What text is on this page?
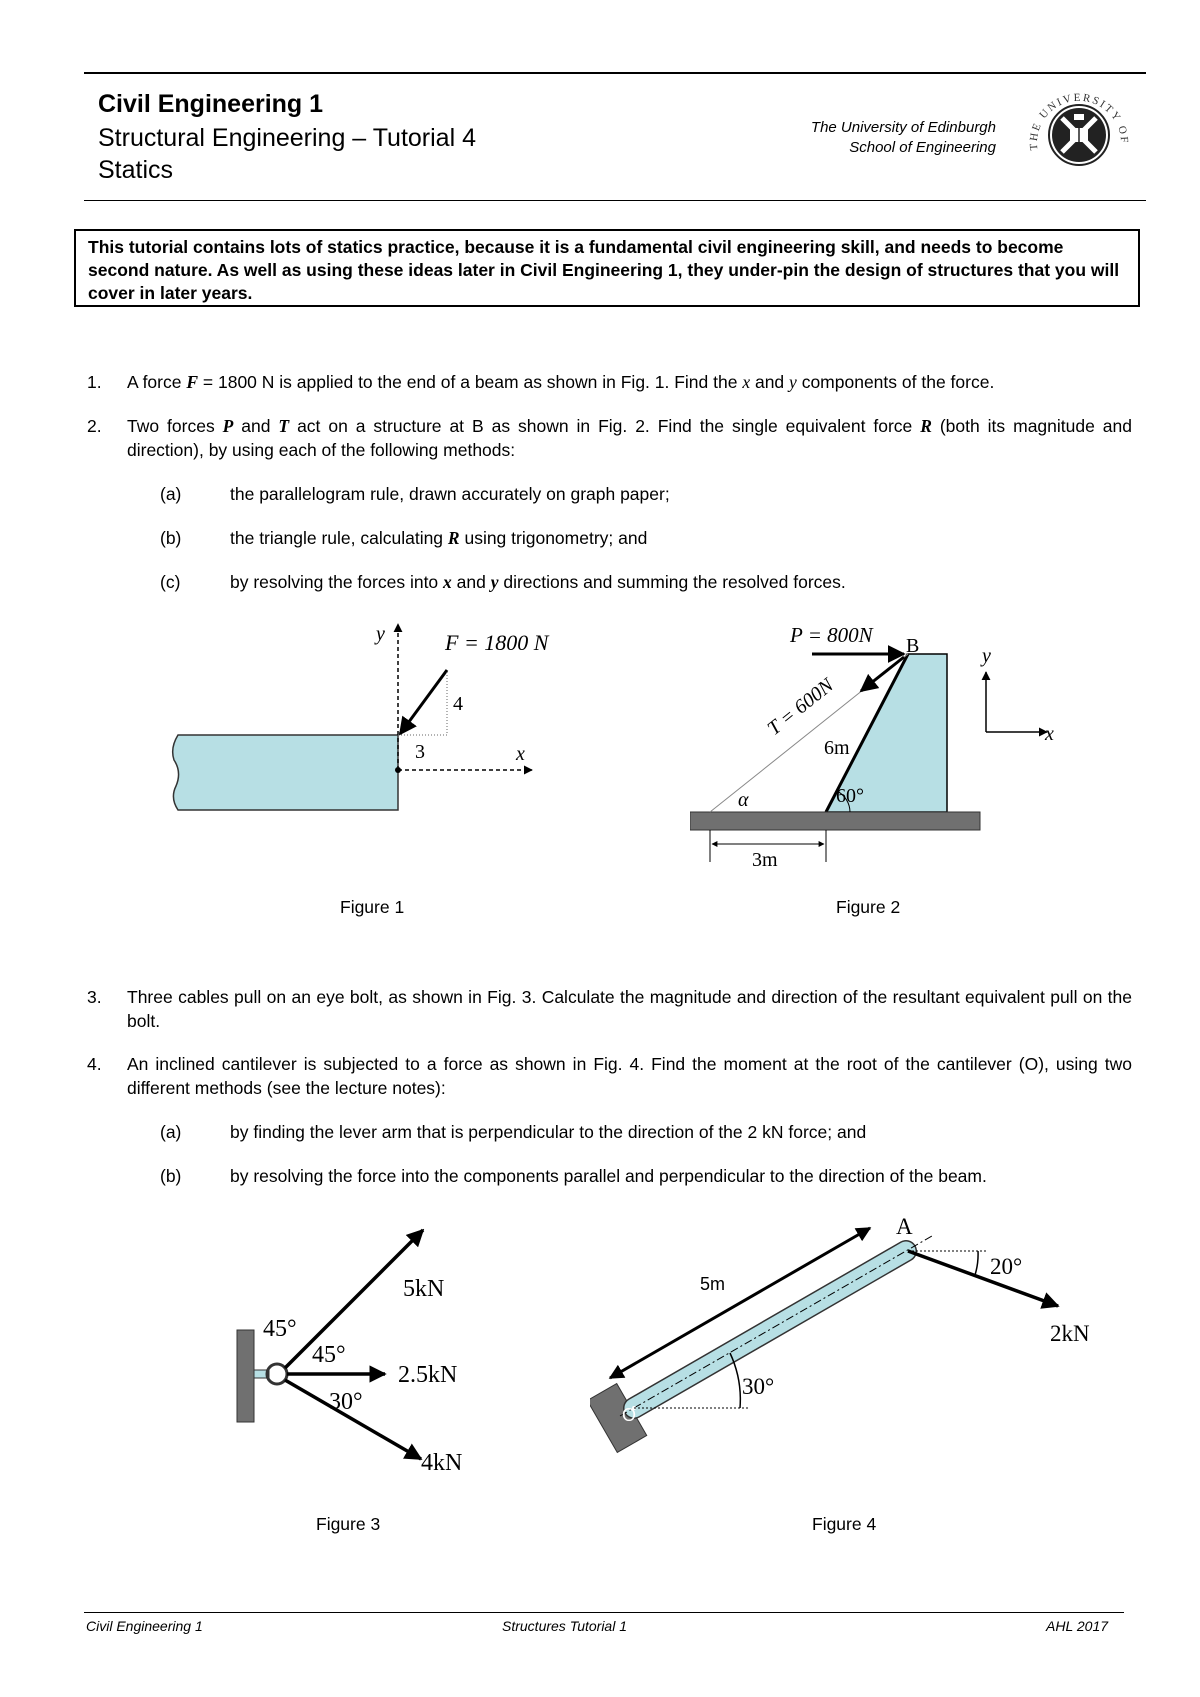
Civil Engineering 1
Structural Engineering – Tutorial 4
Statics
The University of Edinburgh
School of Engineering	THE UNIVERSITY OF
This tutorial contains lots of statics practice, because it is a fundamental civil engineering skill, and needs to become second nature. As well as using these ideas later in Civil Engineering 1, they under-pin the design of structures that you will cover in later years.
1. A force F = 1800 N is applied to the end of a beam as shown in Fig. 1. Find the x and y components of the force.
2. Two forces P and T act on a structure at B as shown in Fig. 2. Find the single equivalent force R (both its magnitude and direction), by using each of the following methods:
(a)	the parallelogram rule, drawn accurately on graph paper;
(b)	the triangle rule, calculating R using trigonometry; and
(c)	by resolving the forces into x and y directions and summing the resolved forces.
F = 1800 N
y
x
4
3
Figure 1
P = 800N B
T = 600N
6m
60°
α
3m
y
x
Figure 2
3. Three cables pull on an eye bolt, as shown in Fig. 3. Calculate the magnitude and direction of the resultant equivalent pull on the bolt.
4. An inclined cantilever is subjected to a force as shown in Fig. 4. Find the moment at the root of the cantilever (O), using two different methods (see the lecture notes):
(a)	by finding the lever arm that is perpendicular to the direction of the 2 kN force; and
(b)	by resolving the force into the components parallel and perpendicular to the direction of the beam.
5kN
2.5kN
4kN
45°
45°
30°
Figure 3
5m
20°
30°
A
O
2kN
Figure 4
Civil Engineering 1	Structures Tutorial 1	AHL 2017
